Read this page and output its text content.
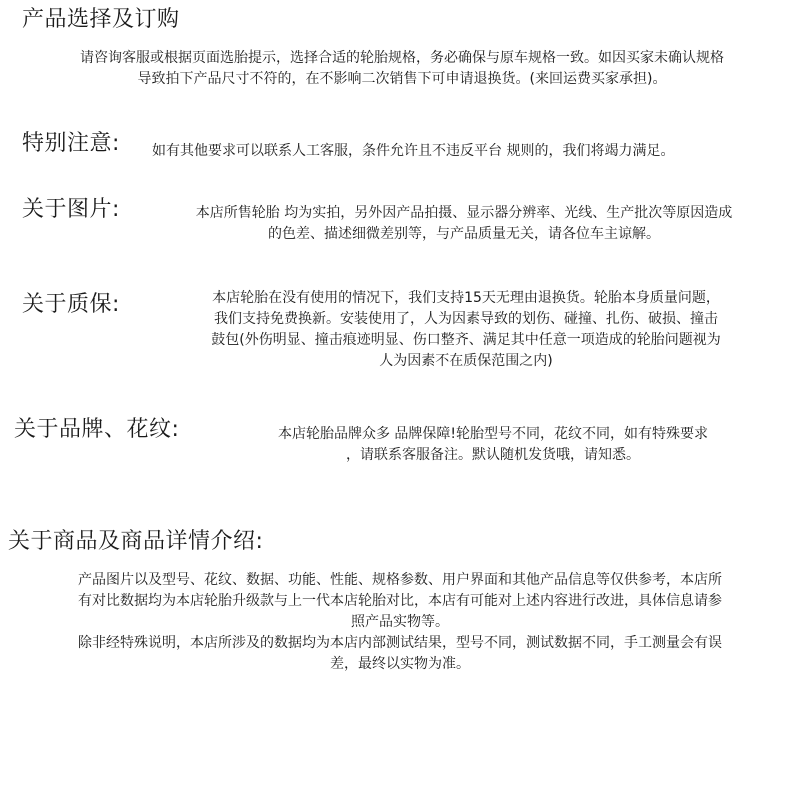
产品选择及订购

请咨询客服或根据页面选胎提示，选择合适的轮胎规格，务必确保与原车规格一致。如因买家未确认规格

导致拍下产品尺寸不符的，在不影响二次销售下可申请退换货。(来回运费买家承担)。

特别注意: 如有其他要求可以联系人工客服，条件允许且不违反平台 规则的，我们将竭力满足。

关于图片:	本店所售轮胎 均为实拍，另外因产品拍摄、显示器分辨率、光线、生产批次等原因造成

的色差、描述细微差别等，与产品质量无关，请各位车主谅解。

关于质保:	本店轮胎在没有使用的情况下，我们支持15天无理由退换货。轮胎本身质量问题，

我们支持免费换新。安装使用了，人为因素导致的划伤、碰撞、扎伤、破损、撞击

鼓包(外伤明显、撞击痕迹明显、伤口整齐、满足其中任意一项造成的轮胎问题视为

人为因素不在质保范围之内)

关于品牌、花纹:	本店轮胎品牌众多 品牌保障!轮胎型号不同，花纹不同，如有特殊要求

，请联系客服备注。默认随机发货哦，请知悉。

关于商品及商品详情介绍:

产品图片以及型号、花纹、数据、功能、性能、规格参数、用户界面和其他产品信息等仅供参考，本店所

有对比数据均为本店轮胎升级款与上一代本店轮胎对比，本店有可能对上述内容进行改进，具体信息请参

照产品实物等。

除非经特殊说明，本店所涉及的数据均为本店内部测试结果，型号不同，测试数据不同，手工测量会有误

差，最终以实物为准。
